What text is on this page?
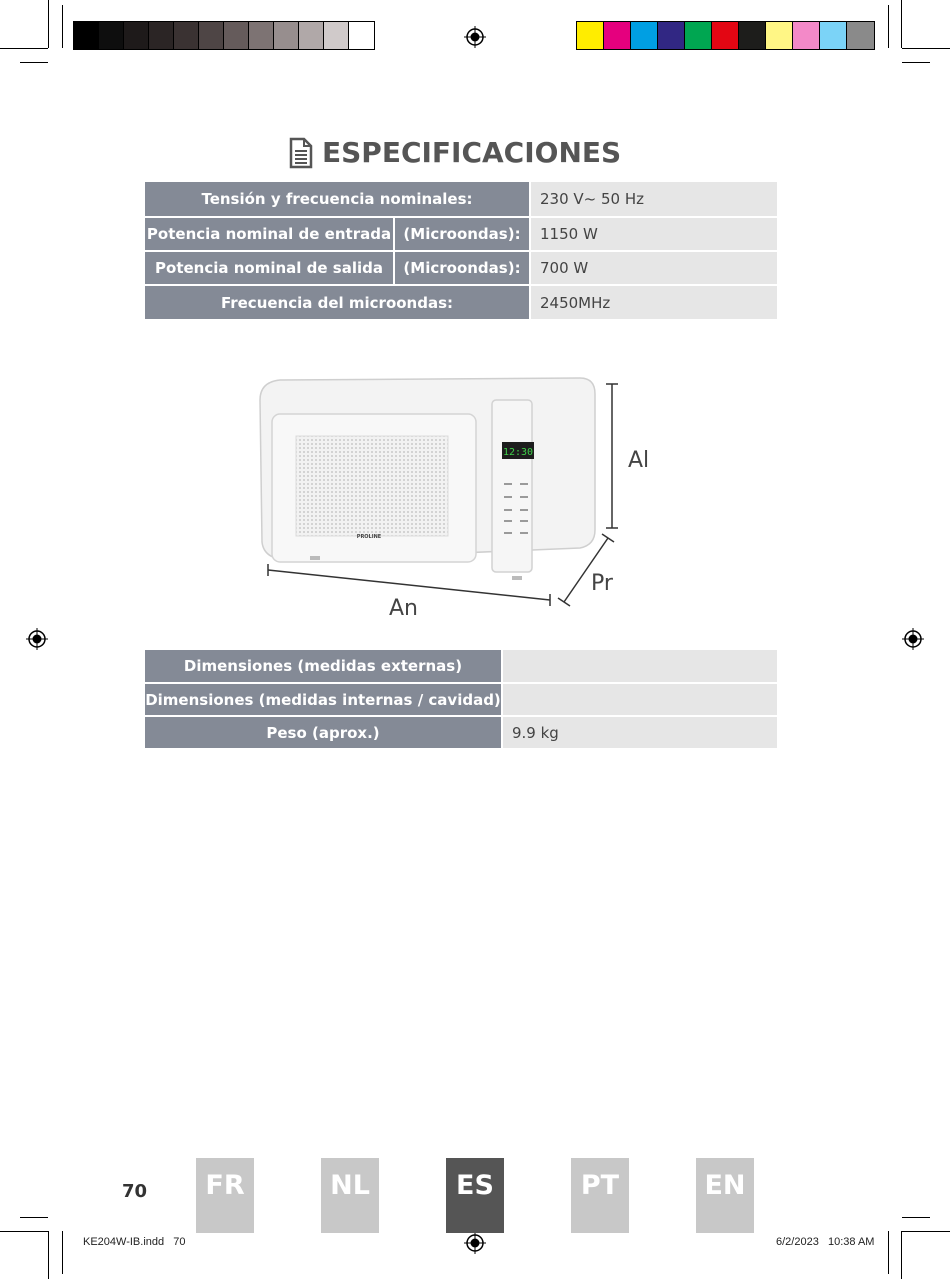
ESPECIFICACIONES
Tensión y frecuencia nominales:		230 V~ 50 Hz
Potencia nominal de entrada	(Microondas):	1150 W
Potencia nominal de salida	(Microondas):	700 W
Frecuencia del microondas:		2450MHz
12:30
PROLINE
Al
An
Pr
Dimensiones (medidas externas)	
Dimensiones (medidas internas / cavidad)	
Peso (aprox.)	9.9 kg
70	FR	NL	ES	PT	EN
KE204W-IB.indd   70	6/2/2023   10:38 AM
